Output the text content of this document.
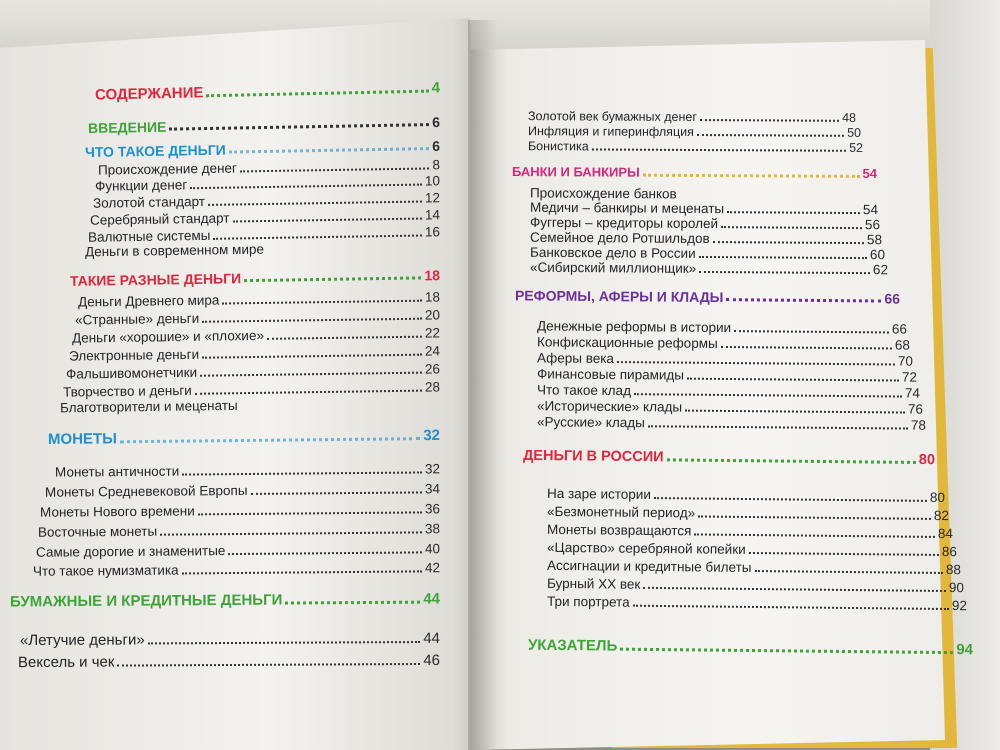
СОДЕРЖАНИЕ	4
ВВЕДЕНИЕ	6
ЧТО ТАКОЕ ДЕНЬГИ	6
Происхождение денег	8
Функции денег	10
Золотой стандарт	12
Серебряный стандарт	14
Валютные системы	16
Деньги в современном мире
ТАКИЕ РАЗНЫЕ ДЕНЬГИ	18
Деньги Древнего мира	18
«Странные» деньги	20
Деньги «хорошие» и «плохие»	22
Электронные деньги	24
Фальшивомонетчики	26
Творчество и деньги	28
Благотворители и меценаты
МОНЕТЫ	32
Монеты античности	32
Монеты Средневековой Европы	34
Монеты Нового времени	36
Восточные монеты	38
Самые дорогие и знаменитые	40
Что такое нумизматика	42
БУМАЖНЫЕ И КРЕДИТНЫЕ ДЕНЬГИ	44
«Летучие деньги»	44
Вексель и чек	46
Золотой век бумажных денег	48
Инфляция и гиперинфляция	50
Бонистика	52
БАНКИ И БАНКИРЫ	54
Происхождение банков
Медичи – банкиры и меценаты	54
Фуггеры – кредиторы королей	56
Семейное дело Ротшильдов	58
Банковское дело в России	60
«Сибирский миллионщик»	62
РЕФОРМЫ, АФЕРЫ И КЛАДЫ	66
Денежные реформы в истории	66
Конфискационные реформы	68
Аферы века	70
Финансовые пирамиды	72
Что такое клад	74
«Исторические» клады	76
«Русские» клады	78
ДЕНЬГИ В РОССИИ	80
На заре истории	80
«Безмонетный период»	82
Монеты возвращаются	84
«Царство» серебряной копейки	86
Ассигнации и кредитные билеты	88
Бурный XX век	90
Три портрета	92
УКАЗАТЕЛЬ	94
